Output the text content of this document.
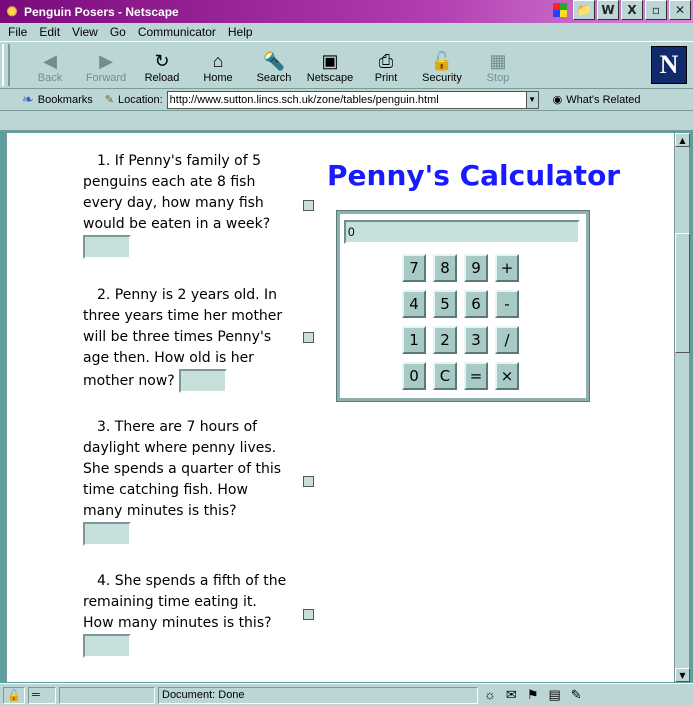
✺ Penguin Posers - Netscape	📁 W	X	▫	✕
File Edit View Go Communicator Help
◀
Back
▶
Forward
↻
Reload
⌂
Home
🔦
Search
▣
Netscape
⎙
Print
🔓
Security
▦
Stop	N
❧ Bookmarks ✎ Location: http://www.sutton.lincs.sch.uk/zone/tables/penguin.html	▼ ◉ What's Related
1. If Penny's family of 5 penguins each ate 8 fish every day, how many fish would be eaten in a week?

2. Penny is 2 years old. In three years time her mother will be three times Penny's age then. How old is her mother now?
3. There are 7 hours of daylight where penny lives. She spends a quarter of this time catching fish. How many minutes is this?

4. She spends a fifth of the remaining time eating it. How many minutes is this?
Penny's Calculator
0
7	8	9	+
4	5	6	-
1	2	3	/
0	C	=	×
▲
▼
🔓	═	Document: Done	☼ ✉ ⚑ ▤ ✎
